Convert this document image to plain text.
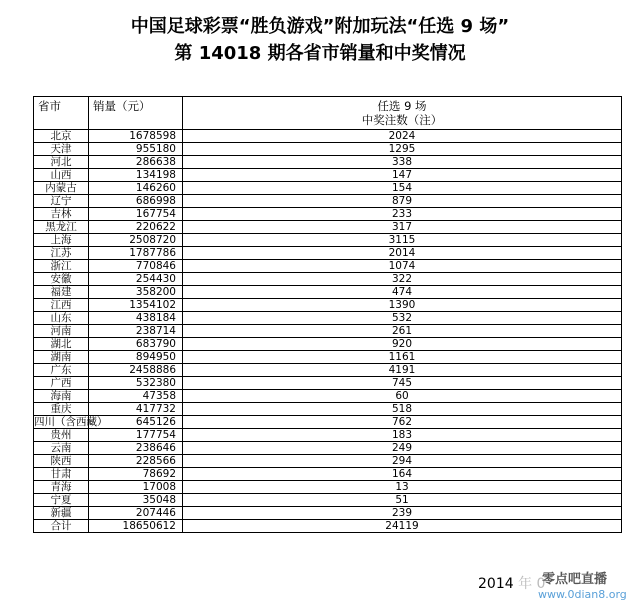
中国足球彩票“胜负游戏”附加玩法“任选 9 场”
第 14018 期各省市销量和中奖情况
省市	销量（元）	任选 9 场
中奖注数（注）

北京	1678598	2024
天津	955180	1295
河北	286638	338
山西	134198	147
内蒙古	146260	154
辽宁	686998	879
吉林	167754	233
黑龙江	220622	317
上海	2508720	3115
江苏	1787786	2014
浙江	770846	1074
安徽	254430	322
福建	358200	474
江西	1354102	1390
山东	438184	532
河南	238714	261
湖北	683790	920
湖南	894950	1161
广东	2458886	4191
广西	532380	745
海南	47358	60
重庆	417732	518
四川（含西藏）	645126	762
贵州	177754	183
云南	238646	249
陕西	228566	294
甘肃	78692	164
青海	17008	13
宁夏	35048	51
新疆	207446	239
合计	18650612	24119
2014 年 0
零点吧直播
www.0dian8.org
